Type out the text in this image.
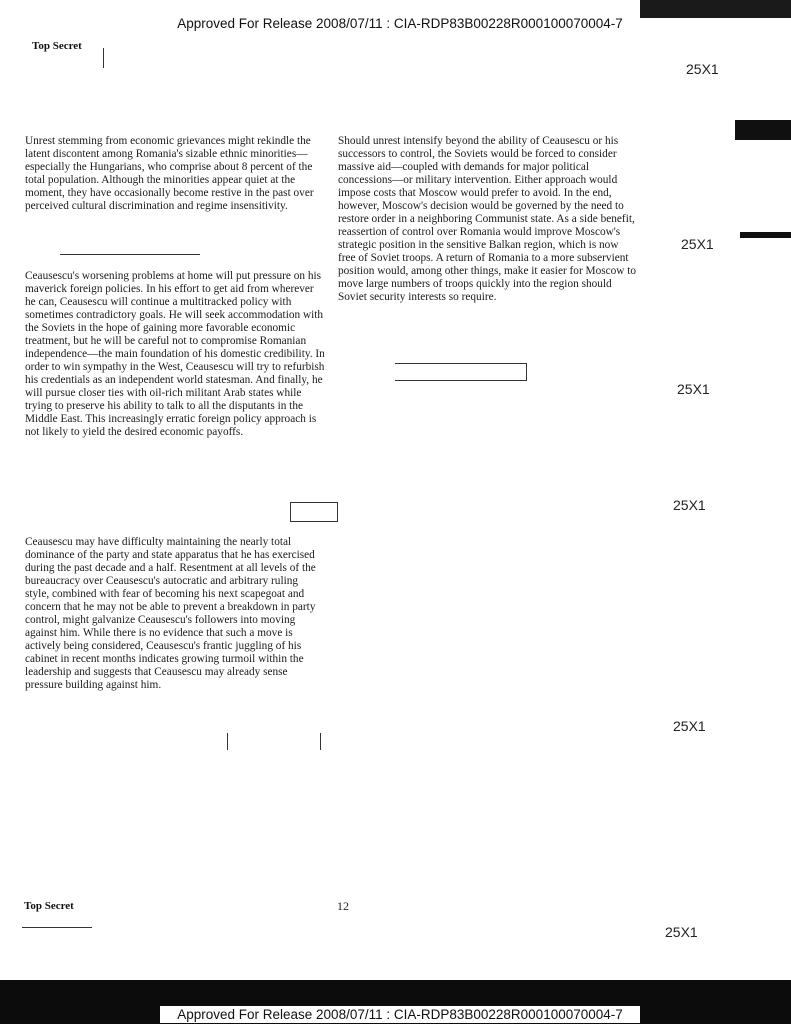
Approved For Release 2008/07/11 : CIA-RDP83B00228R000100070004-7
Approved For Release 2008/07/11 : CIA-RDP83B00228R000100070004-7
Top Secret
25X1
25X1
25X1
25X1
25X1
25X1

Unrest stemming from economic grievances might rekindle the latent discontent among Romania's sizable ethnic minorities—especially the Hungarians, who comprise about 8 percent of the total population. Although the minorities appear quiet at the moment, they have occasionally become restive in the past over perceived cultural discrimination and regime insensitivity.

Ceausescu's worsening problems at home will put pressure on his maverick foreign policies. In his effort to get aid from wherever he can, Ceausescu will continue a multitracked policy with sometimes contradictory goals. He will seek accommodation with the Soviets in the hope of gaining more favorable economic treatment, but he will be careful not to compromise Romanian independence—the main foundation of his domestic credibility. In order to win sympathy in the West, Ceausescu will try to refurbish his credentials as an independent world statesman. And finally, he will pursue closer ties with oil-rich militant Arab states while trying to preserve his ability to talk to all the disputants in the Middle East. This increasingly erratic foreign policy approach is not likely to yield the desired economic payoffs.

Ceausescu may have difficulty maintaining the nearly total dominance of the party and state apparatus that he has exercised during the past decade and a half. Resentment at all levels of the bureaucracy over Ceausescu's autocratic and arbitrary ruling style, combined with fear of becoming his next scapegoat and concern that he may not be able to prevent a breakdown in party control, might galvanize Ceausescu's followers into moving against him. While there is no evidence that such a move is actively being considered, Ceausescu's frantic juggling of his cabinet in recent months indicates growing turmoil within the leadership and suggests that Ceausescu may already sense pressure building against him.

Should unrest intensify beyond the ability of Ceausescu or his successors to control, the Soviets would be forced to consider massive aid—coupled with demands for major political concessions—or military intervention. Either approach would impose costs that Moscow would prefer to avoid. In the end, however, Moscow's decision would be governed by the need to restore order in a neighboring Communist state. As a side benefit, reassertion of control over Romania would improve Moscow's strategic position in the sensitive Balkan region, which is now free of Soviet troops. A return of Romania to a more subservient position would, among other things, make it easier for Moscow to move large numbers of troops quickly into the region should Soviet security interests so require.

Top Secret	12
